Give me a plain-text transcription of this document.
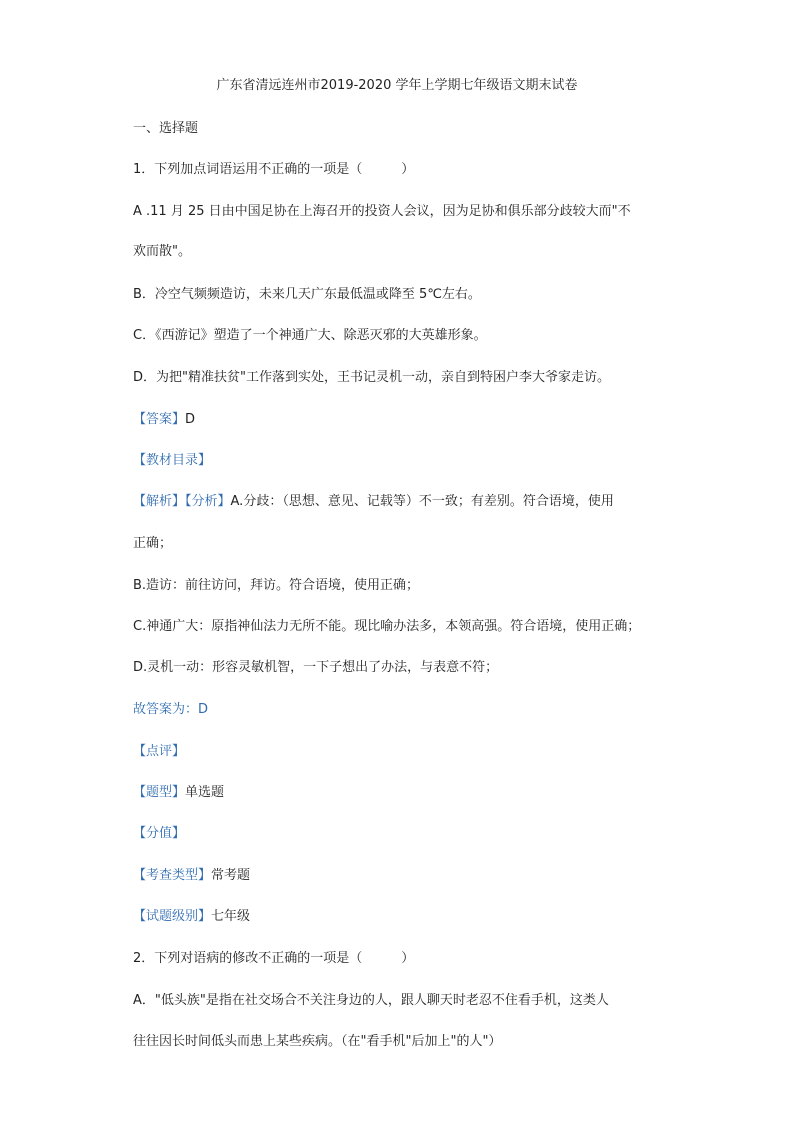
广东省清远连州市2019-2020 学年上学期七年级语文期末试卷
一、选择题
1．下列加点词语运用不正确的一项是（　　　）
A .11 月 25 日由中国足协在上海召开的投资人会议，因为足协和俱乐部分歧较大而"不
欢而散"。
B．冷空气频频造访，未来几天广东最低温或降至 5℃左右。
C．《西游记》塑造了一个神通广大、除恶灭邪的大英雄形象。
D．为把"精准扶贫"工作落到实处，王书记灵机一动，亲自到特困户李大爷家走访。
【答案】D
【教材目录】
【解析】【分析】A.分歧：（思想、意见、记载等）不一致；有差别。符合语境，使用
正确；
B.造访：前往访问，拜访。符合语境，使用正确；
C.神通广大：原指神仙法力无所不能。现比喻办法多，本领高强。符合语境，使用正确；
D.灵机一动：形容灵敏机智，一下子想出了办法，与表意不符；
故答案为：D
【点评】
【题型】单选题
【分值】
【考查类型】常考题
【试题级别】七年级
2．下列对语病的修改不正确的一项是（　　　）
A．"低头族"是指在社交场合不关注身边的人，跟人聊天时老忍不住看手机，这类人
往往因长时间低头而患上某些疾病。（在"看手机"后加上"的人"）
